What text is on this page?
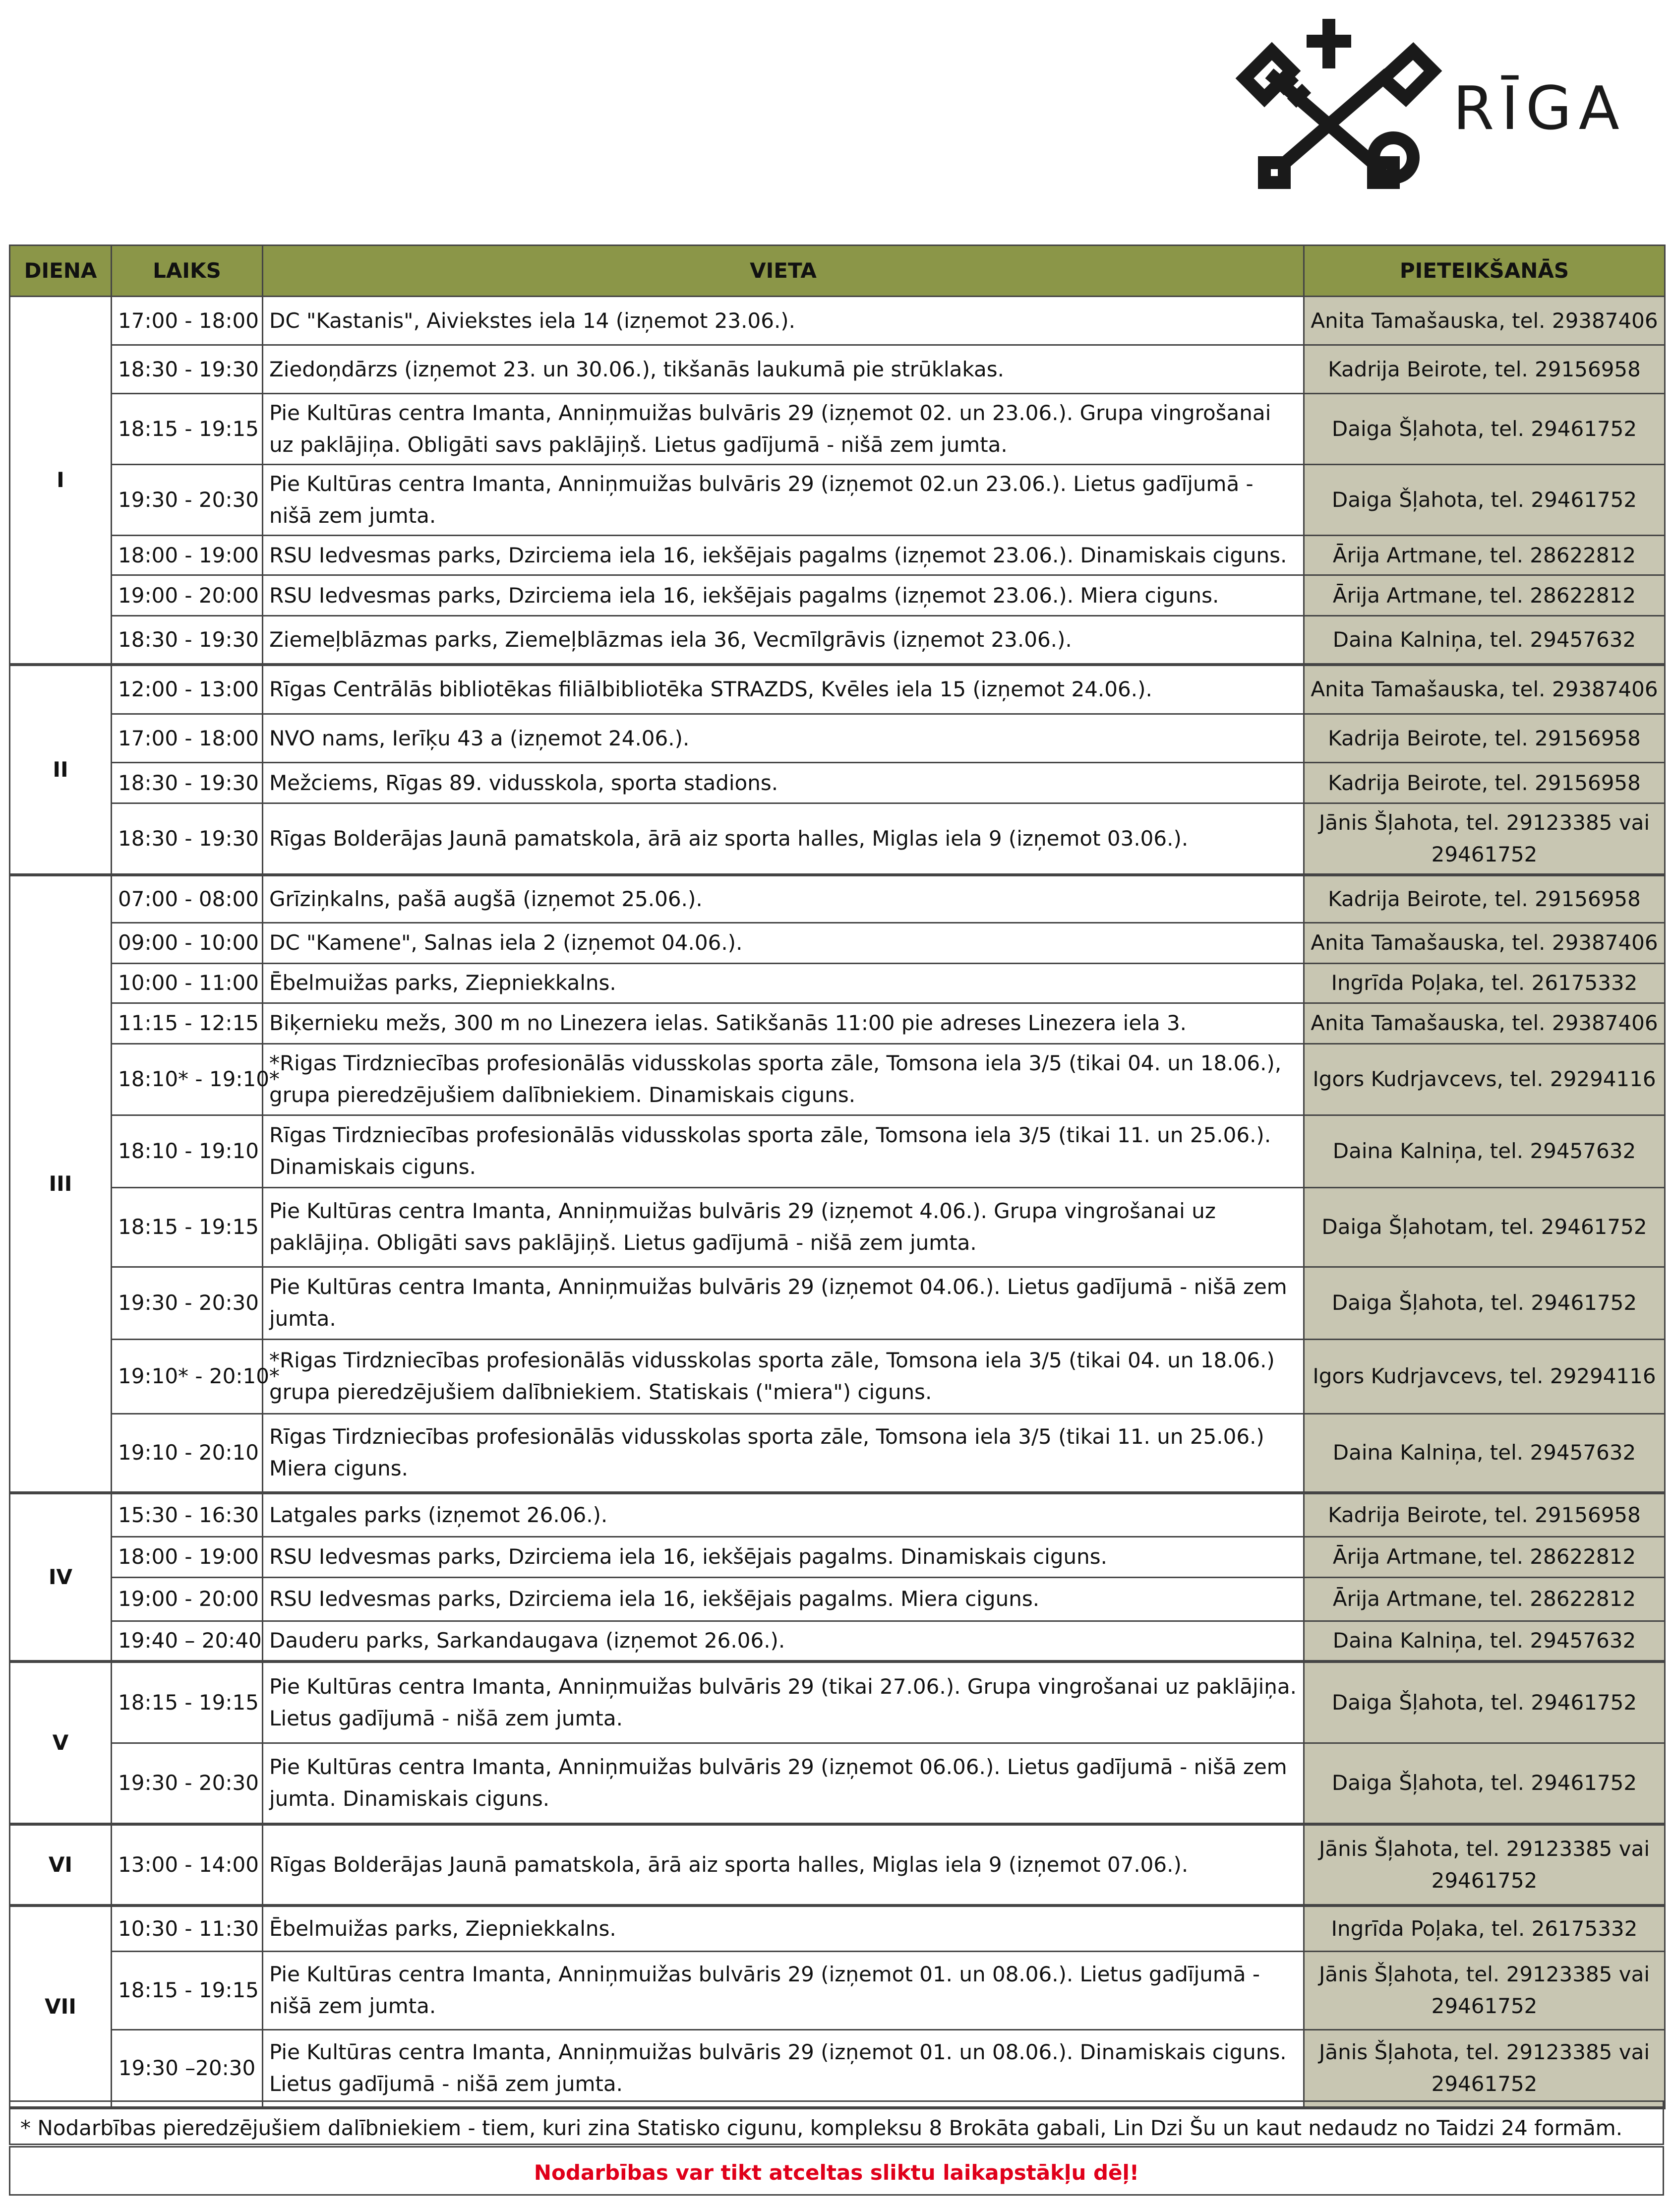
RĪGA
DIENA	LAIKS	VIETA	PIETEIKŠANĀS
I	17:00 - 18:00	DC "Kastanis", Aiviekstes iela 14 (izņemot 23.06.).	Anita Tamašauska, tel. 29387406
	18:30 - 19:30	Ziedoņdārzs (izņemot 23. un 30.06.), tikšanās laukumā pie strūklakas.	Kadrija Beirote, tel. 29156958
	18:15 - 19:15	Pie Kultūras centra Imanta, Anniņmuižas bulvāris 29 (izņemot 02. un 23.06.). Grupa vingrošanai uz paklājiņa. Obligāti savs paklājiņš. Lietus gadījumā - nišā zem jumta.	Daiga Šļahota, tel. 29461752
	19:30 - 20:30	Pie Kultūras centra Imanta, Anniņmuižas bulvāris 29 (izņemot 02.un 23.06.). Lietus gadījumā - nišā zem jumta.	Daiga Šļahota, tel. 29461752
	18:00 - 19:00	RSU Iedvesmas parks, Dzirciema iela 16, iekšējais pagalms (izņemot 23.06.). Dinamiskais ciguns.	Ārija Artmane, tel. 28622812
	19:00 - 20:00	RSU Iedvesmas parks, Dzirciema iela 16, iekšējais pagalms (izņemot 23.06.). Miera ciguns.	Ārija Artmane, tel. 28622812
	18:30 - 19:30	Ziemeļblāzmas parks, Ziemeļblāzmas iela 36, Vecmīlgrāvis (izņemot 23.06.).	Daina Kalniņa, tel. 29457632
II	12:00 - 13:00	Rīgas Centrālās bibliotēkas filiālbibliotēka STRAZDS, Kvēles iela 15 (izņemot 24.06.).	Anita Tamašauska, tel. 29387406
	17:00 - 18:00	NVO nams, Ierīķu 43 a (izņemot 24.06.).	Kadrija Beirote, tel. 29156958
	18:30 - 19:30	Mežciems, Rīgas 89. vidusskola, sporta stadions.	Kadrija Beirote, tel. 29156958
	18:30 - 19:30	Rīgas Bolderājas Jaunā pamatskola, ārā aiz sporta halles, Miglas iela 9 (izņemot 03.06.).	Jānis Šļahota, tel. 29123385 vai 29461752
III	07:00 - 08:00	Grīziņkalns, pašā augšā (izņemot 25.06.).	Kadrija Beirote, tel. 29156958
	09:00 - 10:00	DC "Kamene", Salnas iela 2 (izņemot 04.06.).	Anita Tamašauska, tel. 29387406
	10:00 - 11:00	Ēbelmuižas parks, Ziepniekkalns.	Ingrīda Poļaka, tel. 26175332
	11:15 - 12:15	Biķernieku mežs, 300 m no Linezera ielas. Satikšanās 11:00 pie adreses Linezera iela 3.	Anita Tamašauska, tel. 29387406
	18:10* - 19:10*	*Rigas Tirdzniecības profesionālās vidusskolas sporta zāle, Tomsona iela 3/5 (tikai 04. un 18.06.), grupa pieredzējušiem dalībniekiem. Dinamiskais ciguns.	Igors Kudrjavcevs, tel. 29294116
	18:10 - 19:10	Rīgas Tirdzniecības profesionālās vidusskolas sporta zāle, Tomsona iela 3/5 (tikai 11. un 25.06.). Dinamiskais ciguns.	Daina Kalniņa, tel. 29457632
	18:15 - 19:15	Pie Kultūras centra Imanta, Anniņmuižas bulvāris 29 (izņemot 4.06.). Grupa vingrošanai uz paklājiņa. Obligāti savs paklājiņš. Lietus gadījumā - nišā zem jumta.	Daiga Šļahotam, tel. 29461752
	19:30 - 20:30	Pie Kultūras centra Imanta, Anniņmuižas bulvāris 29 (izņemot 04.06.). Lietus gadījumā - nišā zem jumta.	Daiga Šļahota, tel. 29461752
	19:10* - 20:10*	*Rigas Tirdzniecības profesionālās vidusskolas sporta zāle, Tomsona iela 3/5 (tikai 04. un 18.06.) grupa pieredzējušiem dalībniekiem. Statiskais ("miera") ciguns.	Igors Kudrjavcevs, tel. 29294116
	19:10 - 20:10	Rīgas Tirdzniecības profesionālās vidusskolas sporta zāle, Tomsona iela 3/5 (tikai 11. un 25.06.) Miera ciguns.	Daina Kalniņa, tel. 29457632
IV	15:30 - 16:30	Latgales parks (izņemot 26.06.).	Kadrija Beirote, tel. 29156958
	18:00 - 19:00	RSU Iedvesmas parks, Dzirciema iela 16, iekšējais pagalms. Dinamiskais ciguns.	Ārija Artmane, tel. 28622812
	19:00 - 20:00	RSU Iedvesmas parks, Dzirciema iela 16, iekšējais pagalms. Miera ciguns.	Ārija Artmane, tel. 28622812
	19:40 – 20:40	Dauderu parks, Sarkandaugava (izņemot 26.06.).	Daina Kalniņa, tel. 29457632
V	18:15 - 19:15	Pie Kultūras centra Imanta, Anniņmuižas bulvāris 29 (tikai 27.06.). Grupa vingrošanai uz paklājiņa. Lietus gadījumā - nišā zem jumta.	Daiga Šļahota, tel. 29461752
	19:30 - 20:30	Pie Kultūras centra Imanta, Anniņmuižas bulvāris 29 (izņemot 06.06.). Lietus gadījumā - nišā zem jumta. Dinamiskais ciguns.	Daiga Šļahota, tel. 29461752
VI	13:00 - 14:00	Rīgas Bolderājas Jaunā pamatskola, ārā aiz sporta halles, Miglas iela 9 (izņemot 07.06.).	Jānis Šļahota, tel. 29123385 vai 29461752
VII	10:30 - 11:30	Ēbelmuižas parks, Ziepniekkalns.	Ingrīda Poļaka, tel. 26175332
	18:15 - 19:15	Pie Kultūras centra Imanta, Anniņmuižas bulvāris 29 (izņemot 01. un 08.06.). Lietus gadījumā - nišā zem jumta.	Jānis Šļahota, tel. 29123385 vai 29461752
	19:30 –20:30	Pie Kultūras centra Imanta, Anniņmuižas bulvāris 29 (izņemot 01. un 08.06.). Dinamiskais ciguns. Lietus gadījumā - nišā zem jumta.	Jānis Šļahota, tel. 29123385 vai 29461752
* Nodarbības pieredzējušiem dalībniekiem - tiem, kuri zina Statisko cigunu, kompleksu 8 Brokāta gabali, Lin Dzi Šu un kaut nedaudz no Taidzi 24 formām.
Nodarbības var tikt atceltas sliktu laikapstākļu dēļ!
